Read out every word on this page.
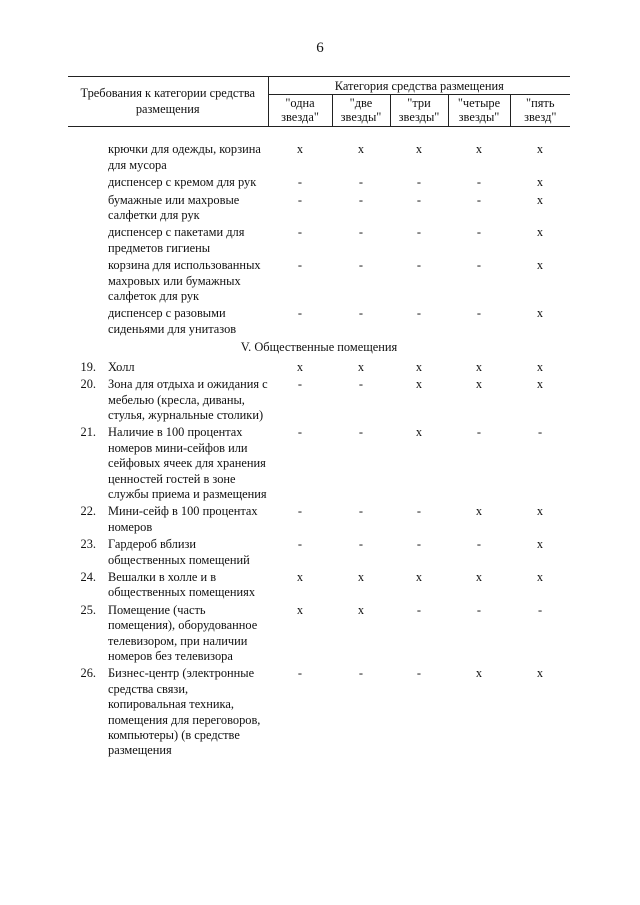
6
Требования к категории средства размещения		Категория средства размещения				
		"одна звезда"	"две звезды"	"три звезды"	"четыре звезды"	"пять звезд"
	крючки для одежды, корзина для мусора	x	x	x	x	x
	диспенсер с кремом для рук	-	-	-	-	x
	бумажные или махровые салфетки для рук	-	-	-	-	x
	диспенсер с пакетами для предметов гигиены	-	-	-	-	x
	корзина для использованных махровых или бумажных салфеток для рук	-	-	-	-	x
	диспенсер с разовыми сиденьями для унитазов	-	-	-	-	x
V. Общественные помещения						
19.	Холл	x	x	x	x	x
20.	Зона для отдыха и ожидания с мебелью (кресла, диваны, стулья, журнальные столики)	-	-	x	x	x
21.	Наличие в 100 процентах номеров мини-сейфов или сейфовых ячеек для хранения ценностей гостей в зоне службы приема и размещения	-	-	x	-	-
22.	Мини-сейф в 100 процентах номеров	-	-	-	x	x
23.	Гардероб вблизи общественных помещений	-	-	-	-	x
24.	Вешалки в холле и в общественных помещениях	x	x	x	x	x
25.	Помещение (часть помещения), оборудованное телевизором, при наличии номеров без телевизора	x	x	-	-	-
26.	Бизнес-центр (электронные средства связи, копировальная техника, помещения для переговоров, компьютеры) (в средстве размещения	-	-	-	x	x
